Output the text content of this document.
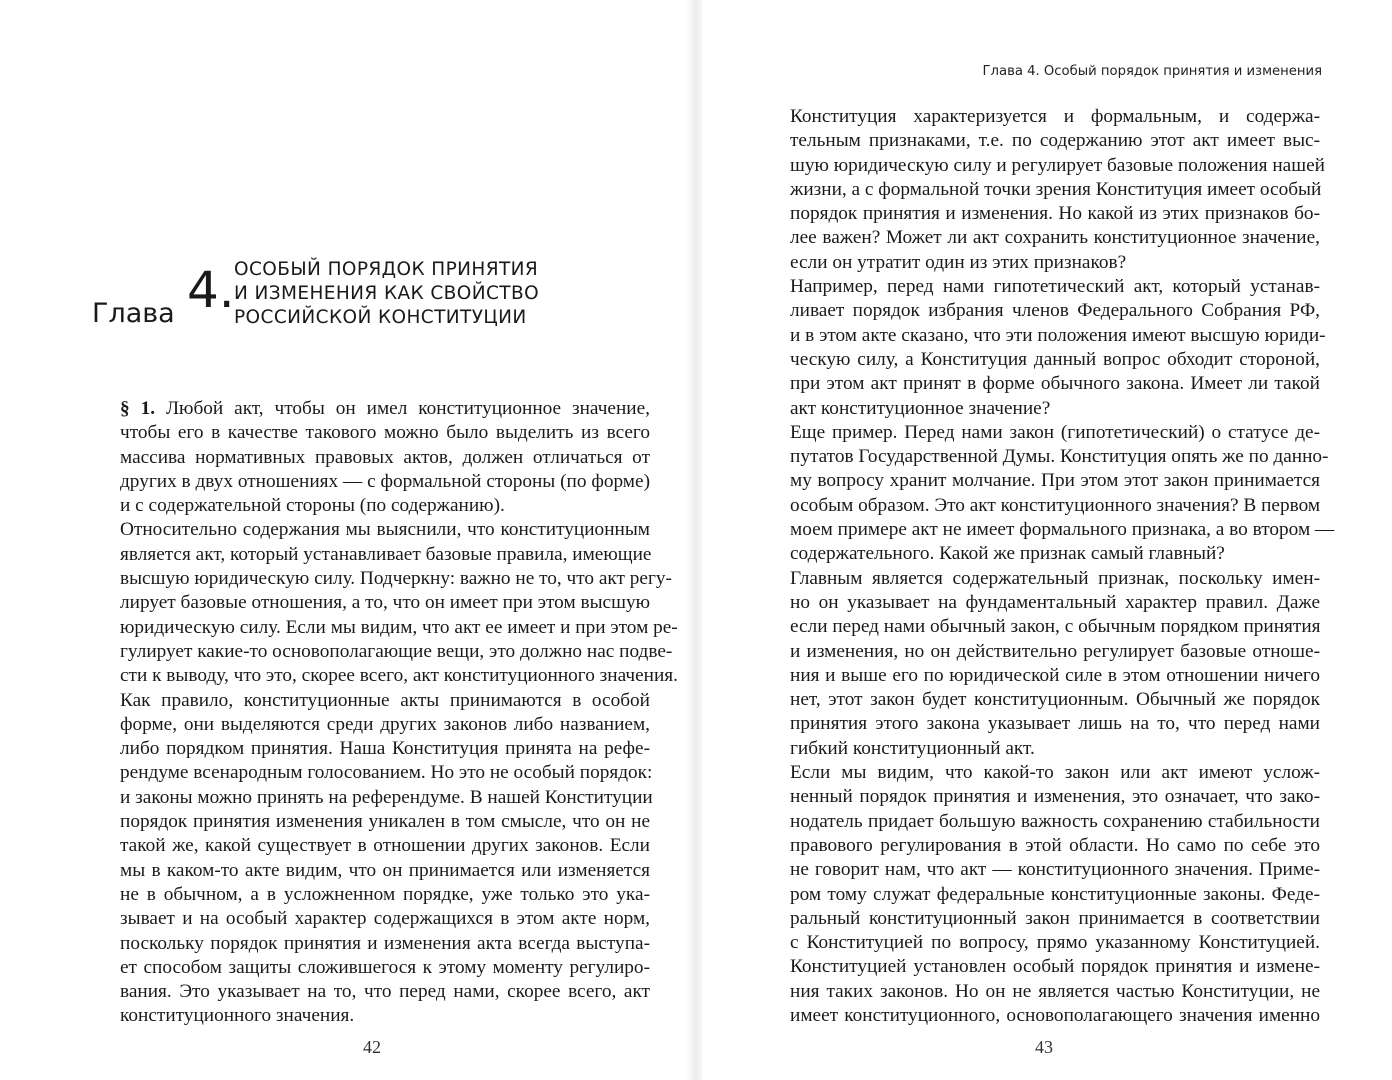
Глава 4. ОСОБЫЙ ПОРЯДОК ПРИНЯТИЯ
И ИЗМЕНЕНИЯ КАК СВОЙСТВО
РОССИЙСКОЙ КОНСТИТУЦИИ

§ 1. Любой акт, чтобы он имел конституционное значение,
чтобы его в качестве такового можно было выделить из всего
массива нормативных правовых актов, должен отличаться от
других в двух отношениях — с формальной стороны (по форме)
и с содержательной стороны (по содержанию).

Относительно содержания мы выяснили, что конституционным
является акт, который устанавливает базовые правила, имеющие
высшую юридическую силу. Подчеркну: важно не то, что акт регу-
лирует базовые отношения, а то, что он имеет при этом высшую
юридическую силу. Если мы видим, что акт ее имеет и при этом ре-
гулирует какие-то основополагающие вещи, это должно нас подве-
сти к выводу, что это, скорее всего, акт конституционного значения.

Как правило, конституционные акты принимаются в особой
форме, они выделяются среди других законов либо названием,
либо порядком принятия. Наша Конституция принята на рефе-
рендуме всенародным голосованием. Но это не особый порядок:
и законы можно принять на референдуме. В нашей Конституции
порядок принятия изменения уникален в том смысле, что он не
такой же, какой существует в отношении других законов. Если
мы в каком-то акте видим, что он принимается или изменяется
не в обычном, а в усложненном порядке, уже только это ука-
зывает и на особый характер содержащихся в этом акте норм,
поскольку порядок принятия и изменения акта всегда выступа-
ет способом защиты сложившегося к этому моменту регулиро-
вания. Это указывает на то, что перед нами, скорее всего, акт
конституционного значения.

42
Глава 4. Особый порядок принятия и изменения

Конституция характеризуется и формальным, и содержа-
тельным признаками, т.е. по содержанию этот акт имеет выс-
шую юридическую силу и регулирует базовые положения нашей
жизни, а с формальной точки зрения Конституция имеет особый
порядок принятия и изменения. Но какой из этих признаков бо-
лее важен? Может ли акт сохранить конституционное значение,
если он утратит один из этих признаков?

Например, перед нами гипотетический акт, который устанав-
ливает порядок избрания членов Федерального Собрания РФ,
и в этом акте сказано, что эти положения имеют высшую юриди-
ческую силу, а Конституция данный вопрос обходит стороной,
при этом акт принят в форме обычного закона. Имеет ли такой
акт конституционное значение?

Еще пример. Перед нами закон (гипотетический) о статусе де-
путатов Государственной Думы. Конституция опять же по данно-
му вопросу хранит молчание. При этом этот закон принимается
особым образом. Это акт конституционного значения? В первом
моем примере акт не имеет формального признака, а во втором —
содержательного. Какой же признак самый главный?

Главным является содержательный признак, поскольку имен-
но он указывает на фундаментальный характер правил. Даже
если перед нами обычный закон, с обычным порядком принятия
и изменения, но он действительно регулирует базовые отноше-
ния и выше его по юридической силе в этом отношении ничего
нет, этот закон будет конституционным. Обычный же порядок
принятия этого закона указывает лишь на то, что перед нами
гибкий конституционный акт.

Если мы видим, что какой-то закон или акт имеют услож-
ненный порядок принятия и изменения, это означает, что зако-
нодатель придает большую важность сохранению стабильности
правового регулирования в этой области. Но само по себе это
не говорит нам, что акт — конституционного значения. Приме-
ром тому служат федеральные конституционные законы. Феде-
ральный конституционный закон принимается в соответствии
с Конституцией по вопросу, прямо указанному Конституцией.
Конституцией установлен особый порядок принятия и измене-
ния таких законов. Но он не является частью Конституции, не
имеет конституционного, основополагающего значения именно

43
